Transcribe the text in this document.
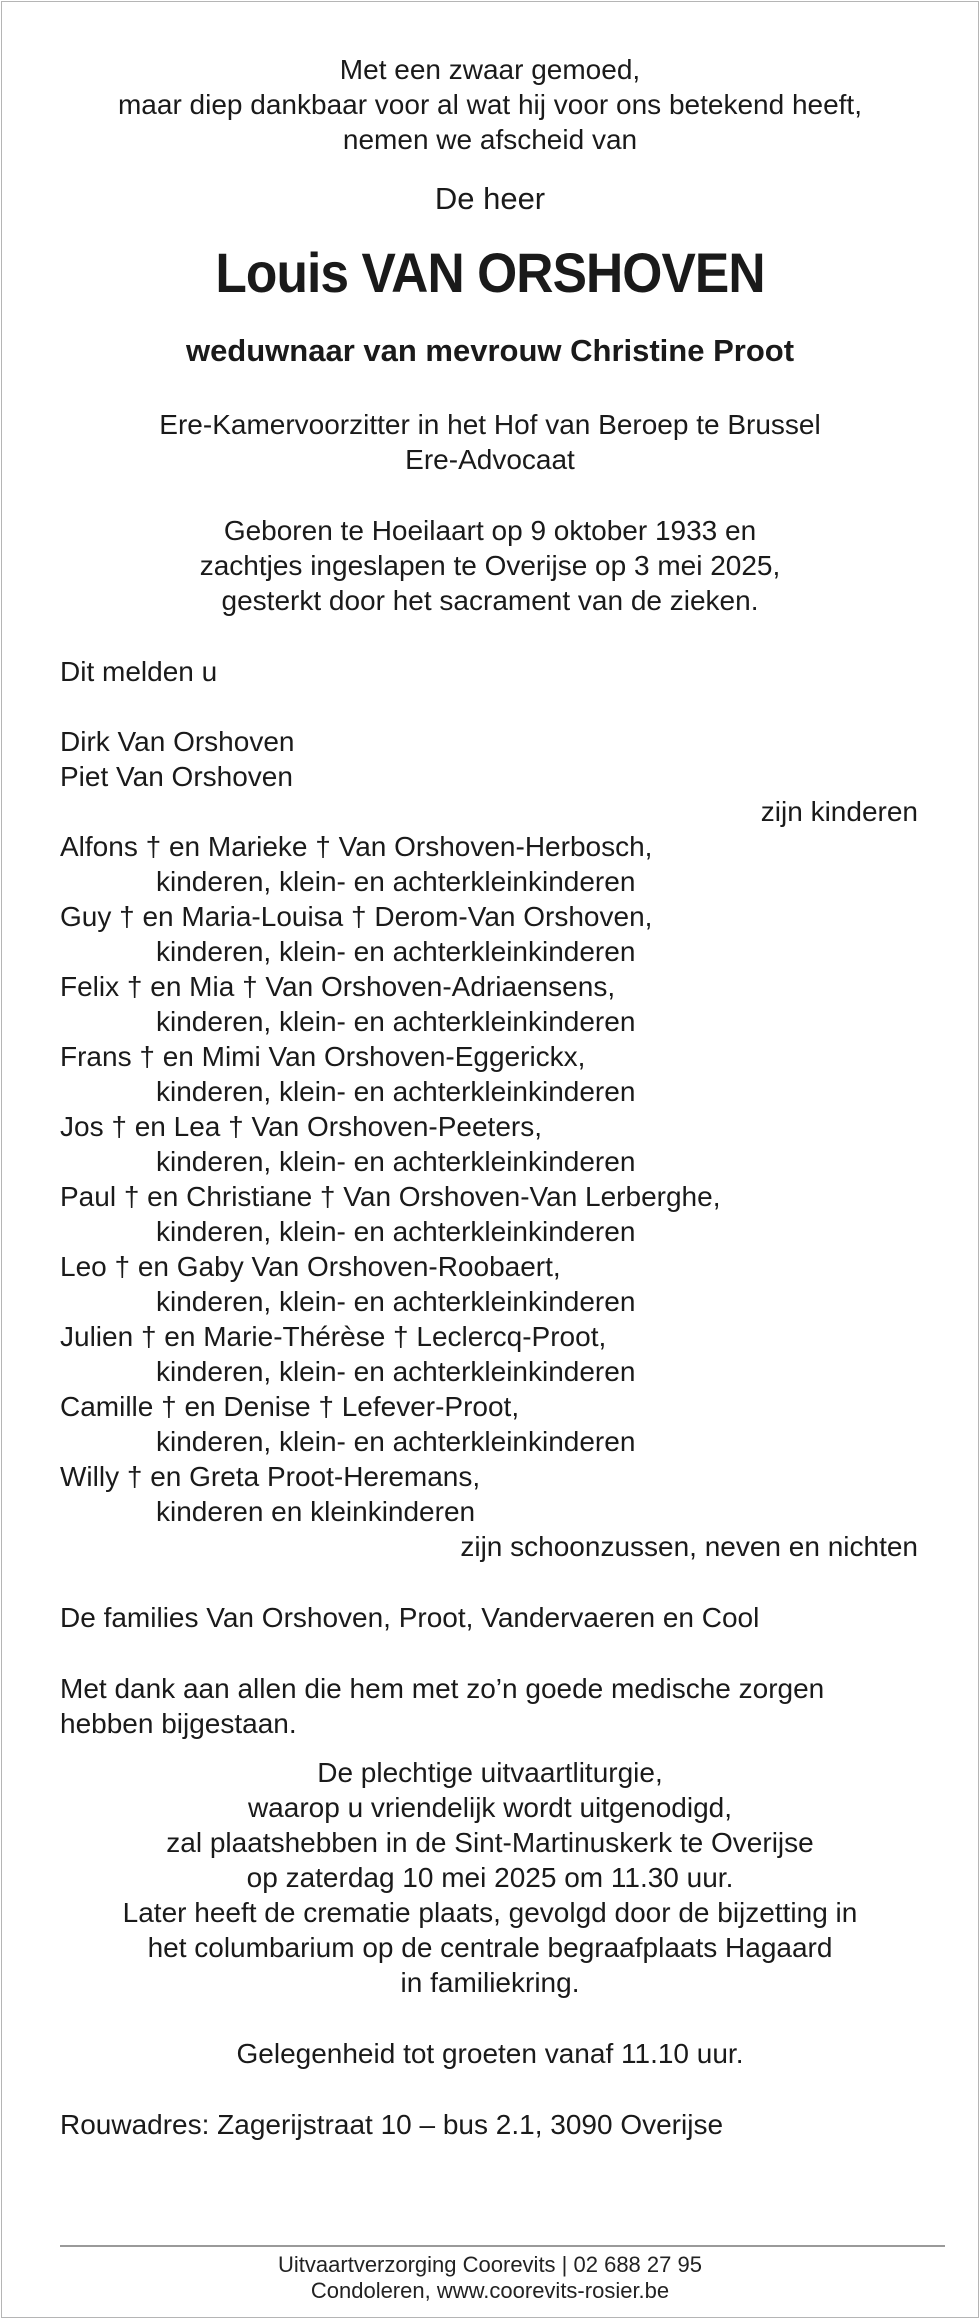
Met een zwaar gemoed,
maar diep dankbaar voor al wat hij voor ons betekend heeft,
nemen we afscheid van
De heer
Louis VAN ORSHOVEN
weduwnaar van mevrouw Christine Proot
Ere-Kamervoorzitter in het Hof van Beroep te Brussel
Ere-Advocaat
Geboren te Hoeilaart op 9 oktober 1933 en
zachtjes ingeslapen te Overijse op 3 mei 2025,
gesterkt door het sacrament van de zieken.
Dit melden u
Dirk Van Orshoven
Piet Van Orshoven
zijn kinderen
Alfons † en Marieke † Van Orshoven-Herbosch,
kinderen, klein- en achterkleinkinderen
Guy † en Maria-Louisa † Derom-Van Orshoven,
kinderen, klein- en achterkleinkinderen
Felix † en Mia † Van Orshoven-Adriaensens,
kinderen, klein- en achterkleinkinderen
Frans † en Mimi Van Orshoven-Eggerickx,
kinderen, klein- en achterkleinkinderen
Jos † en Lea † Van Orshoven-Peeters,
kinderen, klein- en achterkleinkinderen
Paul † en Christiane † Van Orshoven-Van Lerberghe,
kinderen, klein- en achterkleinkinderen
Leo † en Gaby Van Orshoven-Roobaert,
kinderen, klein- en achterkleinkinderen
Julien † en Marie-Thérèse † Leclercq-Proot,
kinderen, klein- en achterkleinkinderen
Camille † en Denise † Lefever-Proot,
kinderen, klein- en achterkleinkinderen
Willy † en Greta Proot-Heremans,
kinderen en kleinkinderen
zijn schoonzussen, neven en nichten
De families Van Orshoven, Proot, Vandervaeren en Cool
Met dank aan allen die hem met zo’n goede medische zorgen
hebben bijgestaan.
De plechtige uitvaartliturgie,
waarop u vriendelijk wordt uitgenodigd,
zal plaatshebben in de Sint-Martinuskerk te Overijse
op zaterdag 10 mei 2025 om 11.30 uur.
Later heeft de crematie plaats, gevolgd door de bijzetting in
het columbarium op de centrale begraafplaats Hagaard
in familiekring.
Gelegenheid tot groeten vanaf 11.10 uur.
Rouwadres: Zagerijstraat 10 – bus 2.1, 3090 Overijse
Uitvaartverzorging Coorevits | 02 688 27 95
Condoleren, www.coorevits-rosier.be
